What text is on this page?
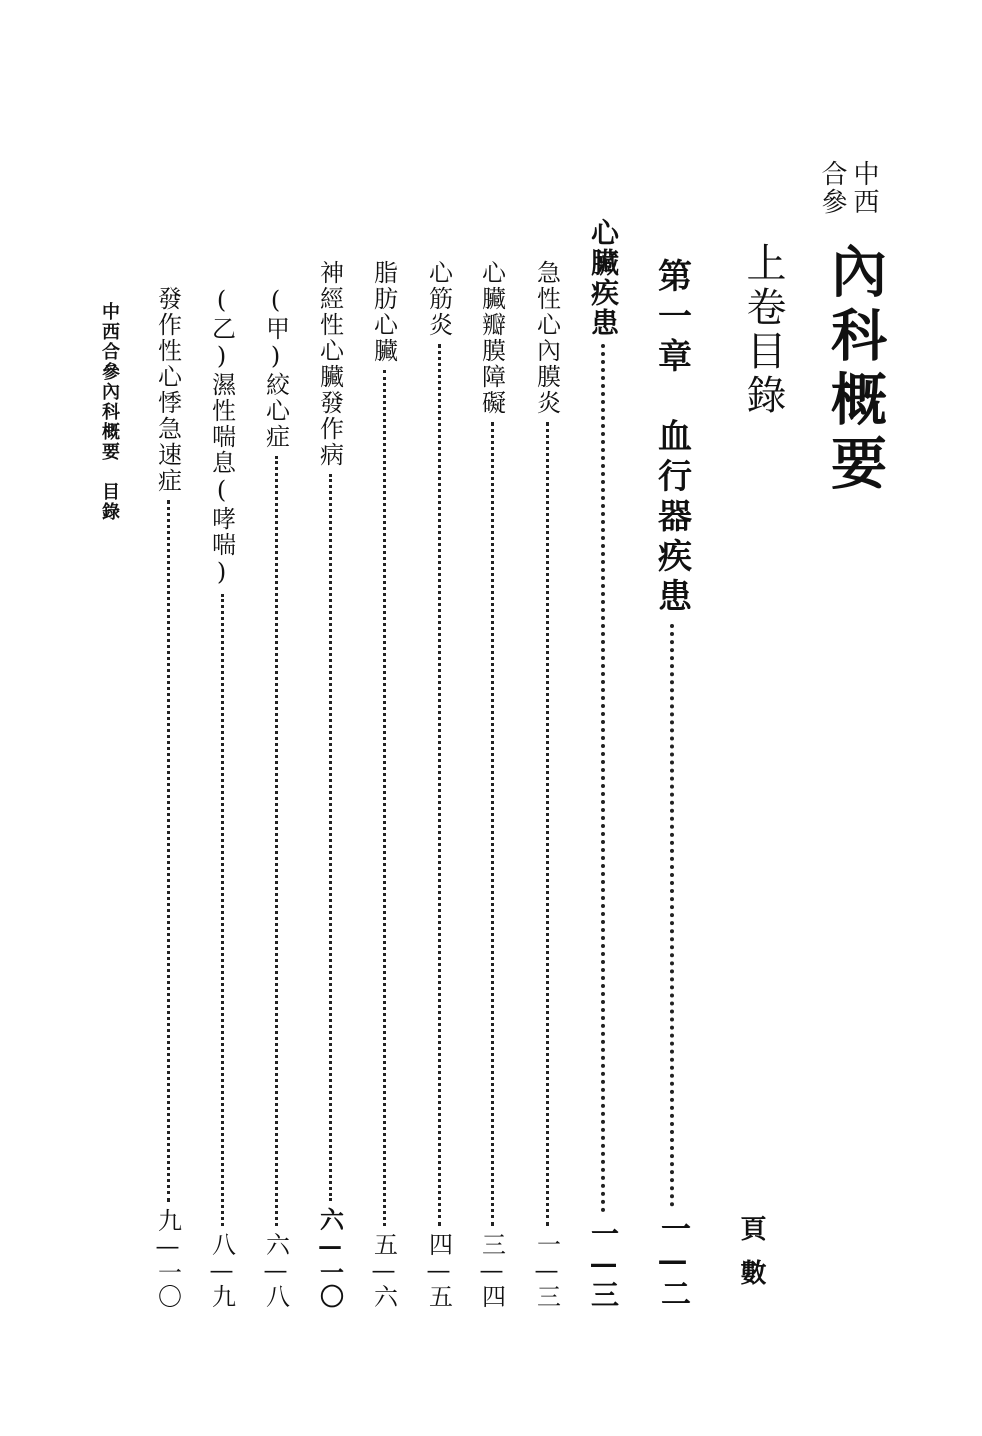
中西
合參
內科概要
上卷目錄
頁數
第一章　血行器疾患
一—二
心臟疾患
一—三
急性心內膜炎
一—三
心臟瓣膜障礙
三—四
心筋炎
四—五
脂肪心臟
五—六
神經性心臟發作病
六—一〇
(甲)絞心症
六—八
(乙)濕性喘息(哮喘)
八—九
發作性心悸急速症
九—一〇
中西合參內科概要　目錄
